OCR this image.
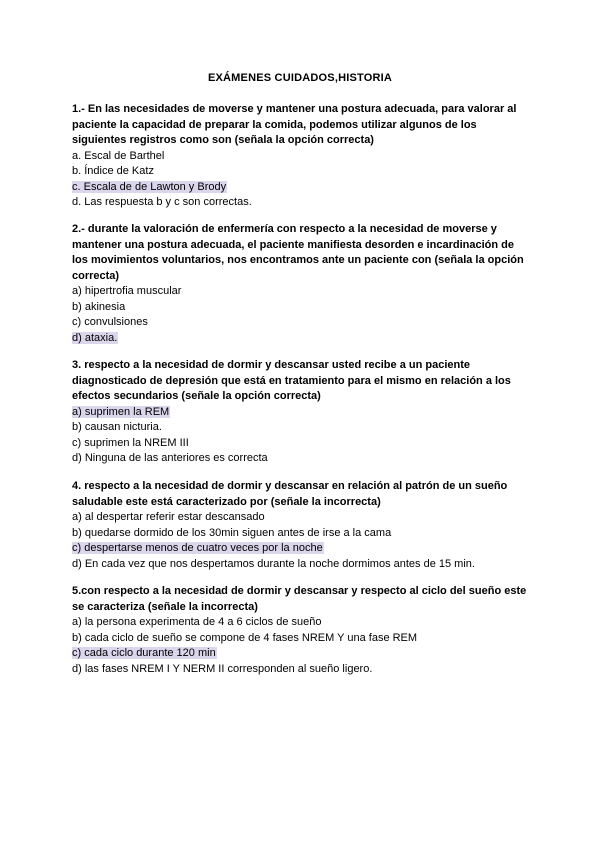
EXÁMENES CUIDADOS,HISTORIA

1.- En las necesidades de moverse y mantener una postura adecuada, para valorar al paciente la capacidad de preparar la comida, podemos utilizar algunos de los siguientes registros como son (señala la opción correcta)

a. Escal de Barthel

b. Índice de Katz

c. Escala de de Lawton y Brody

d. Las respuesta b y c son correctas.

2.- durante la valoración de enfermería con respecto a la necesidad de moverse y mantener una postura adecuada, el paciente manifiesta desorden e incardinación de los movimientos voluntarios, nos encontramos ante un paciente con (señala la opción correcta)

a) hipertrofia muscular

b) akinesia

c) convulsiones

d) ataxia.

3. respecto a la necesidad de dormir y descansar usted recibe a un paciente diagnosticado de depresión que está en tratamiento para el mismo en relación a los efectos secundarios (señale la opción correcta)

a) suprimen la REM

b) causan nicturia.

c) suprimen la NREM III

d) Ninguna de las anteriores es correcta

4. respecto a la necesidad de dormir y descansar en relación al patrón de un sueño saludable este está caracterizado por (señale la incorrecta)

a) al despertar referir estar descansado

b) quedarse dormido de los 30min siguen antes de irse a la cama

c) despertarse menos de cuatro veces por la noche

d) En cada vez que nos despertamos durante la noche dormimos antes de 15 min.

5.con respecto a la necesidad de dormir y descansar y respecto al ciclo del sueño este se caracteriza (señale la incorrecta)

a) la persona experimenta de 4 a 6 ciclos de sueño

b) cada ciclo de sueño se compone de 4 fases NREM Y una fase REM

c) cada ciclo durante 120 min

d) las fases NREM I Y NERM II corresponden al sueño ligero.
